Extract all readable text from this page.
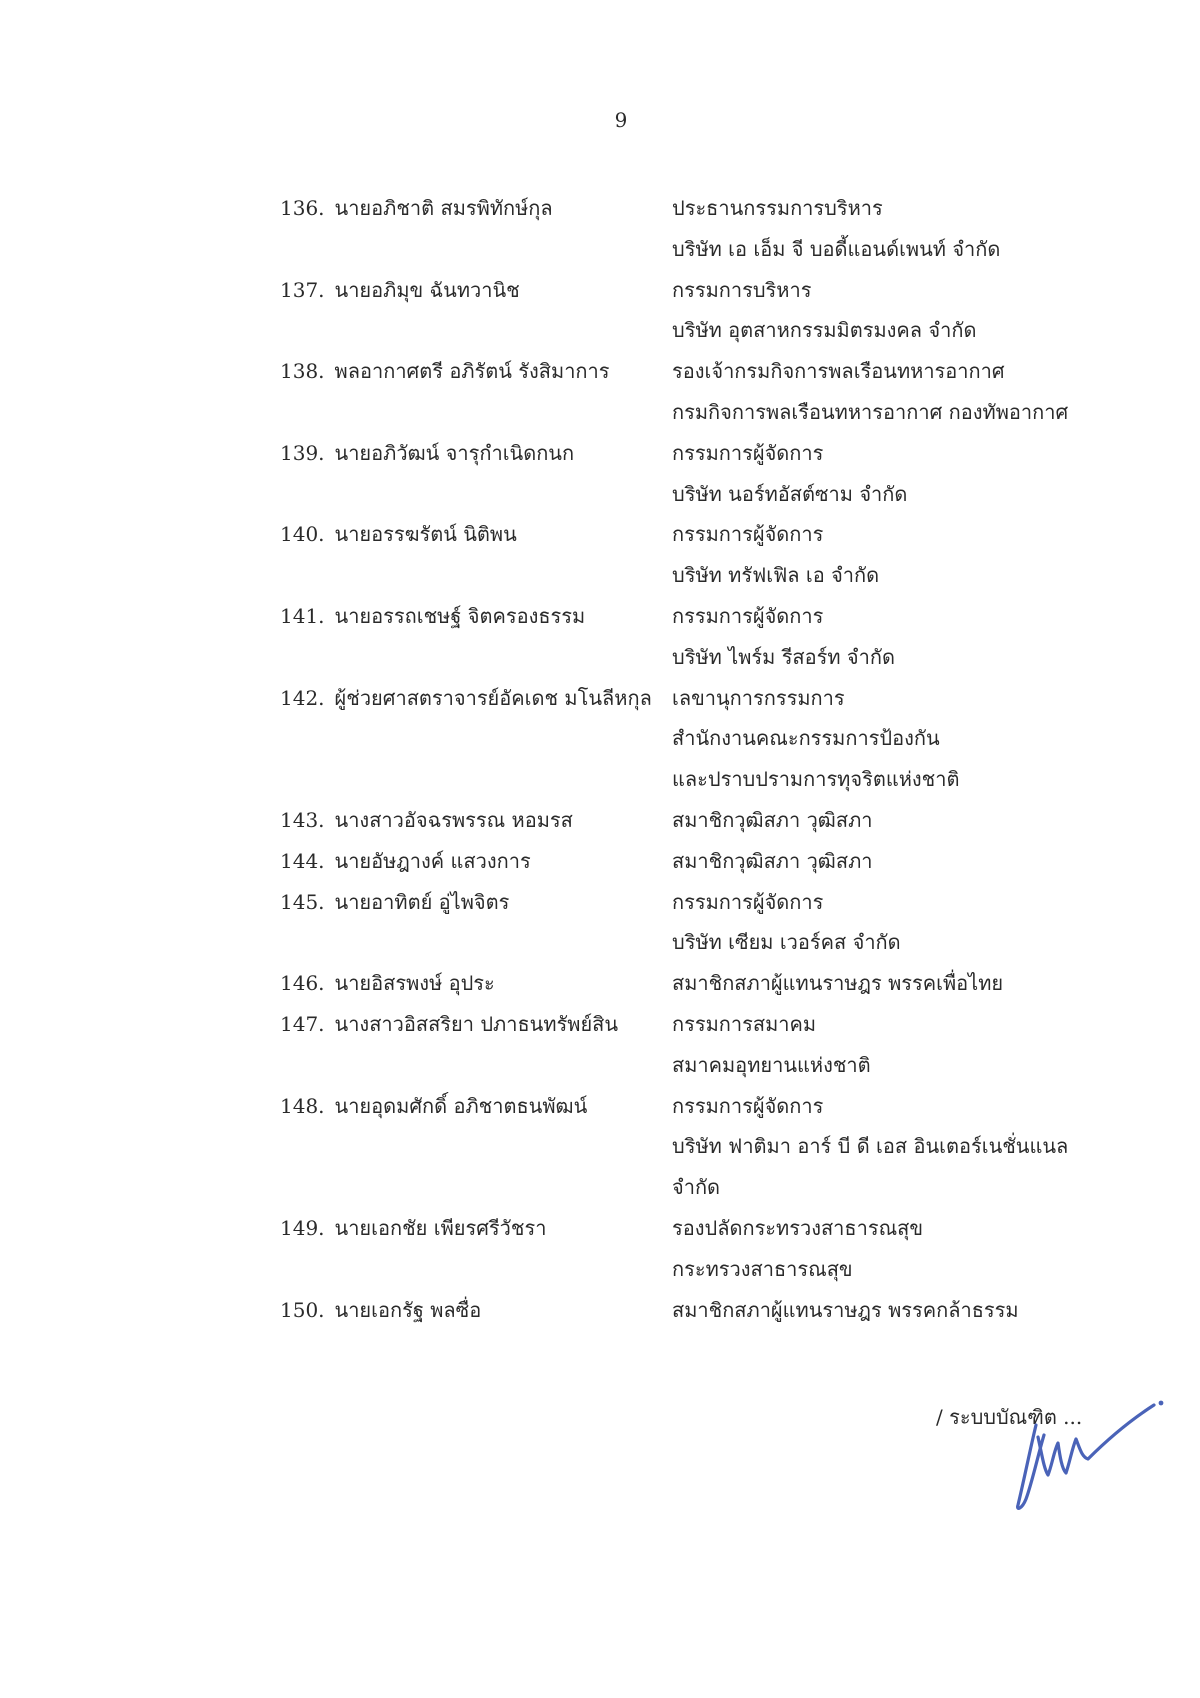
9
136. นายอภิชาติ สมรพิทักษ์กุล	ประธานกรรมการบริหาร
บริษัท เอ เอ็ม จี บอดี้แอนด์เพนท์ จำกัด
137. นายอภิมุข ฉันทวานิช	กรรมการบริหาร
บริษัท อุตสาหกรรมมิตรมงคล จำกัด
138. พลอากาศตรี อภิรัตน์ รังสิมาการ	รองเจ้ากรมกิจการพลเรือนทหารอากาศ
กรมกิจการพลเรือนทหารอากาศ กองทัพอากาศ
139. นายอภิวัฒน์ จารุกำเนิดกนก	กรรมการผู้จัดการ
บริษัท นอร์ทอัสต์ซาม จำกัด
140. นายอรรฆรัตน์ นิติพน	กรรมการผู้จัดการ
บริษัท ทรัฟเฟิล เอ จำกัด
141. นายอรรถเชษฐ์ จิตครองธรรม	กรรมการผู้จัดการ
บริษัท ไพร์ม รีสอร์ท จำกัด
142. ผู้ช่วยศาสตราจารย์อัคเดช มโนลีหกุล	เลขานุการกรรมการ
สำนักงานคณะกรรมการป้องกัน
และปราบปรามการทุจริตแห่งชาติ
143. นางสาวอัจฉรพรรณ หอมรส	สมาชิกวุฒิสภา วุฒิสภา
144. นายอัษฎางค์ แสวงการ	สมาชิกวุฒิสภา วุฒิสภา
145. นายอาทิตย์ อู่ไพจิตร	กรรมการผู้จัดการ
บริษัท เซียม เวอร์คส จำกัด
146. นายอิสรพงษ์ อุประ	สมาชิกสภาผู้แทนราษฎร พรรคเพื่อไทย
147. นางสาวอิสสริยา ปภาธนทรัพย์สิน	กรรมการสมาคม
สมาคมอุทยานแห่งชาติ
148. นายอุดมศักดิ์ อภิชาตธนพัฒน์	กรรมการผู้จัดการ
บริษัท ฟาติมา อาร์ บี ดี เอส อินเตอร์เนชั่นแนล
จำกัด
149. นายเอกชัย เพียรศรีวัชรา	รองปลัดกระทรวงสาธารณสุข
กระทรวงสาธารณสุข
150. นายเอกรัฐ พลซื่อ	สมาชิกสภาผู้แทนราษฎร พรรคกล้าธรรม
/ ระบบบัณฑิต ...
